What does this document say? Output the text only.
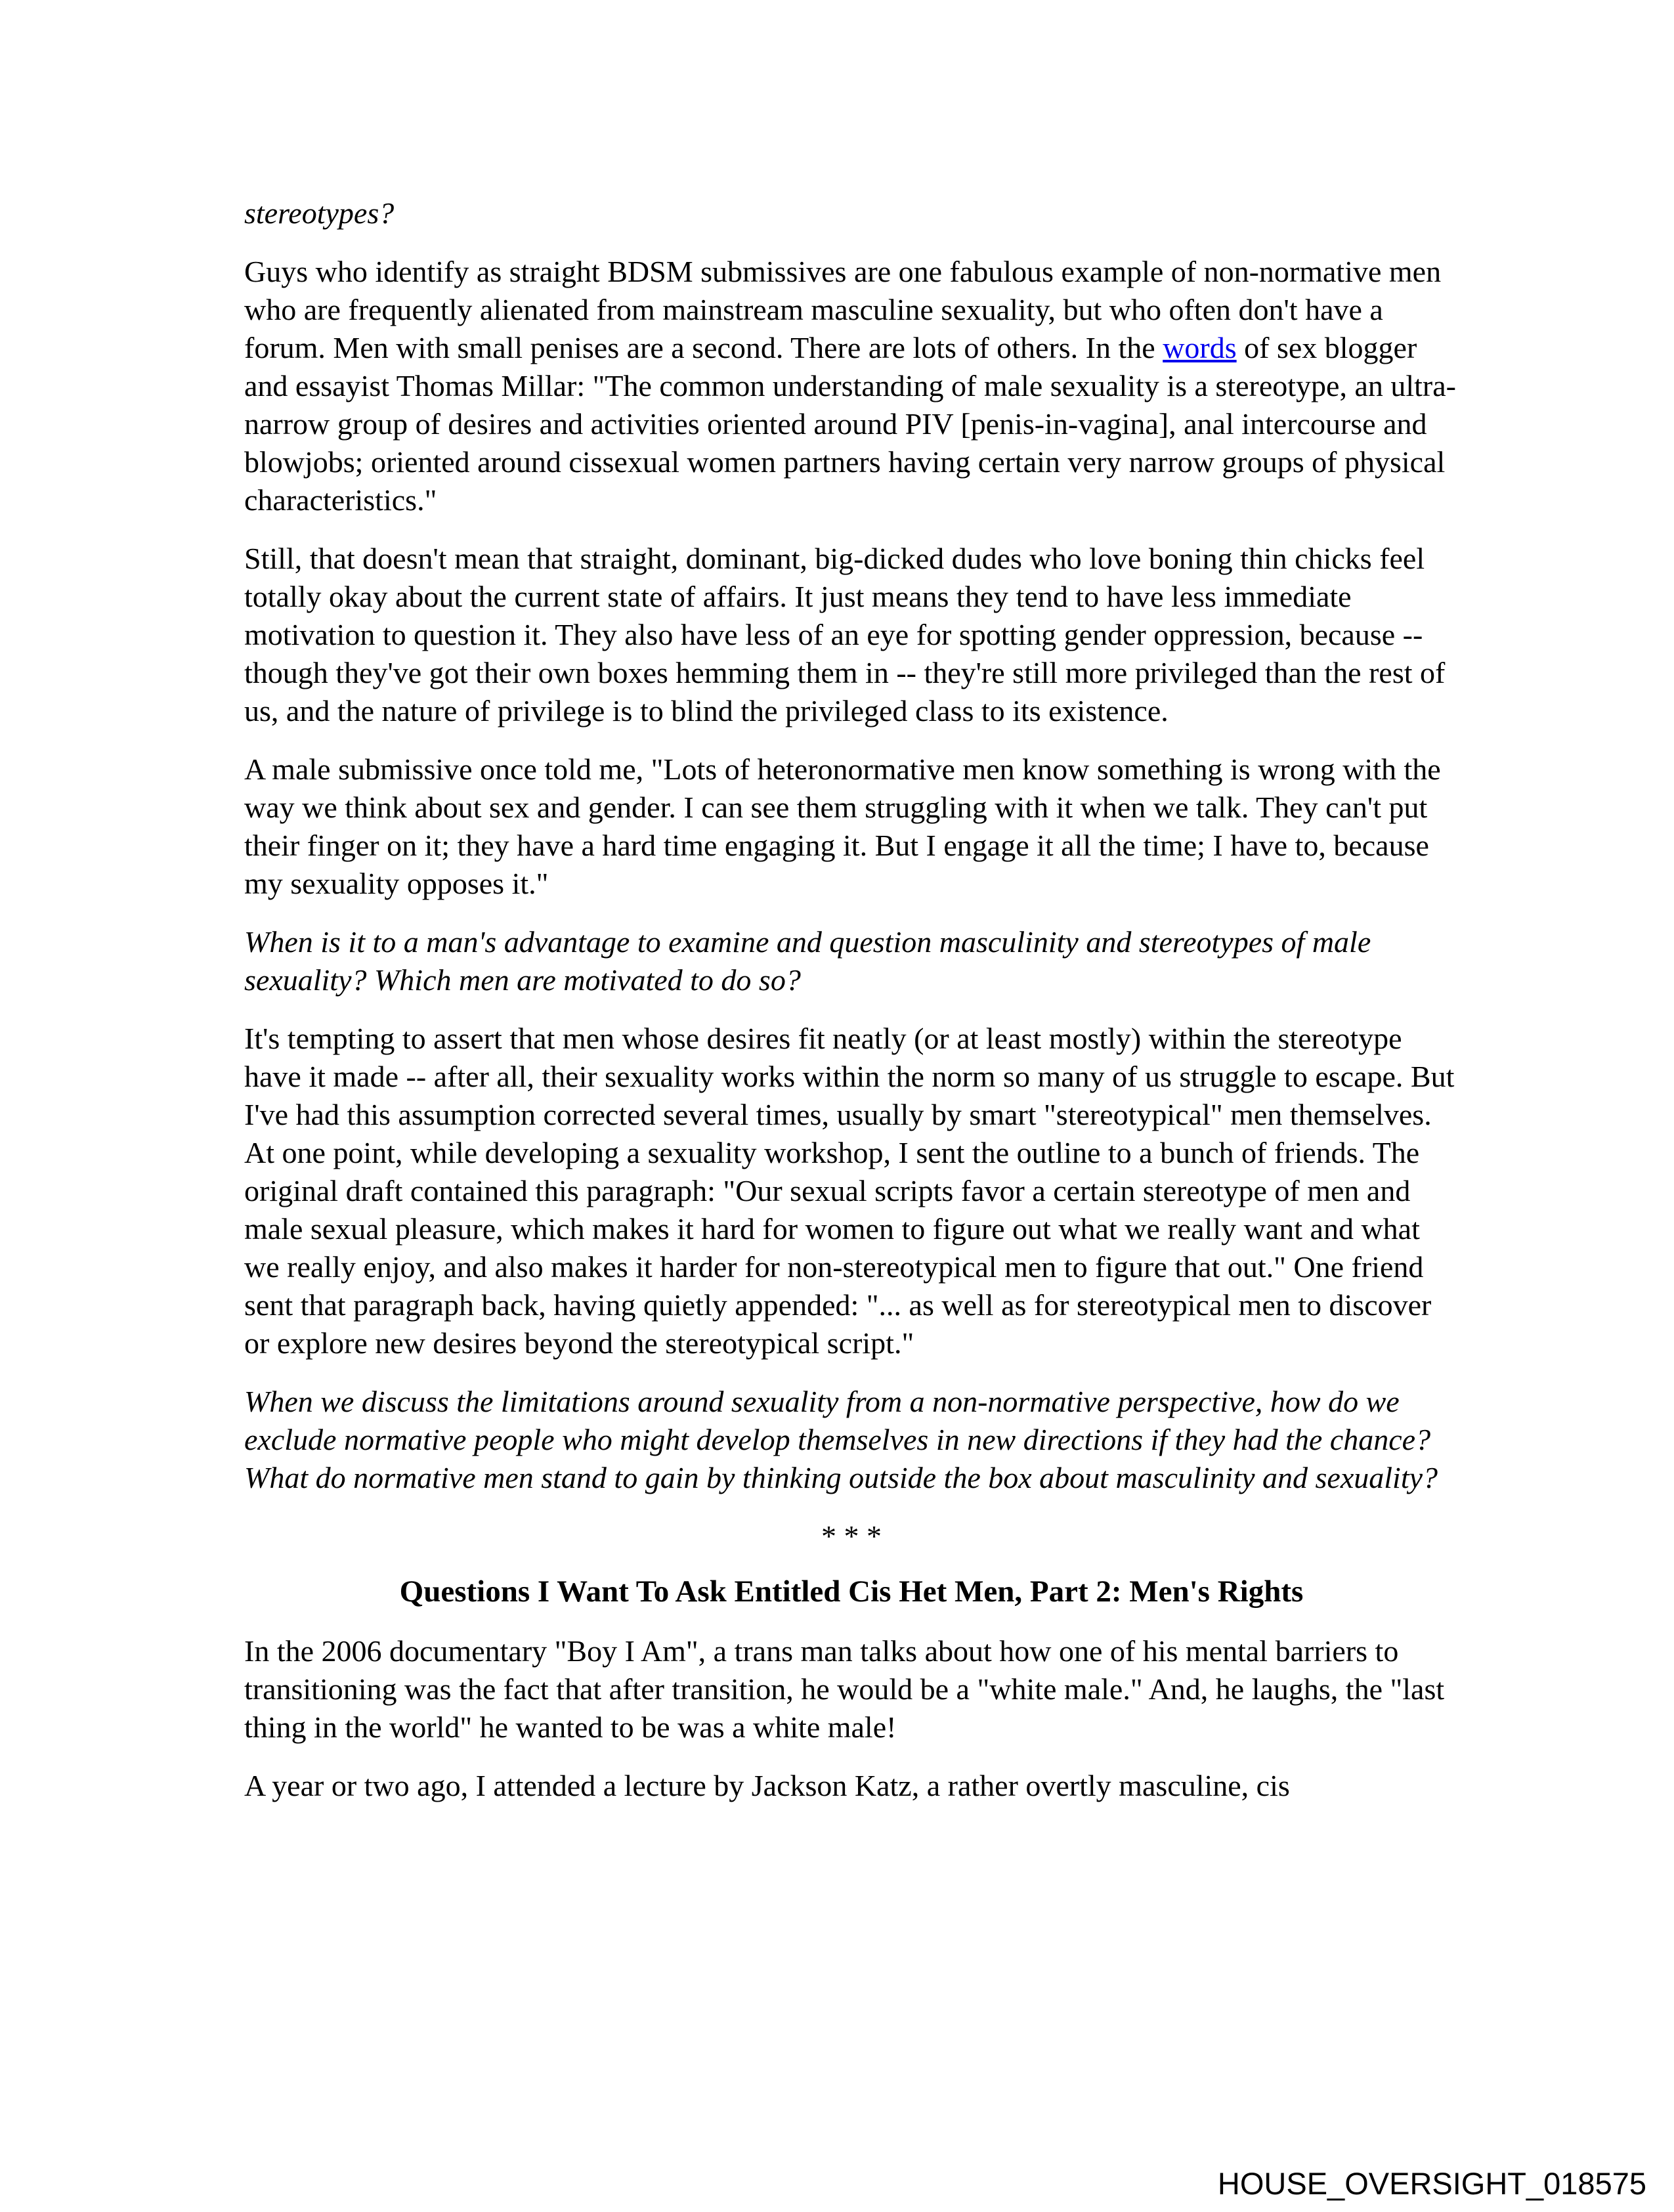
stereotypes?

Guys who identify as straight BDSM submissives are one fabulous example of non-normative men who are frequently alienated from mainstream masculine sexuality, but who often don't have a forum. Men with small penises are a second. There are lots of others. In the words of sex blogger and essayist Thomas Millar: "The common understanding of male sexuality is a stereotype, an ultra-narrow group of desires and activities oriented around PIV [penis-in-vagina], anal intercourse and blowjobs; oriented around cissexual women partners having certain very narrow groups of physical characteristics."

Still, that doesn't mean that straight, dominant, big-dicked dudes who love boning thin chicks feel totally okay about the current state of affairs. It just means they tend to have less immediate motivation to question it. They also have less of an eye for spotting gender oppression, because -- though they've got their own boxes hemming them in -- they're still more privileged than the rest of us, and the nature of privilege is to blind the privileged class to its existence.

A male submissive once told me, "Lots of heteronormative men know something is wrong with the way we think about sex and gender. I can see them struggling with it when we talk. They can't put their finger on it; they have a hard time engaging it. But I engage it all the time; I have to, because my sexuality opposes it."

When is it to a man's advantage to examine and question masculinity and stereotypes of male sexuality? Which men are motivated to do so?

It's tempting to assert that men whose desires fit neatly (or at least mostly) within the stereotype have it made -- after all, their sexuality works within the norm so many of us struggle to escape. But I've had this assumption corrected several times, usually by smart "stereotypical" men themselves. At one point, while developing a sexuality workshop, I sent the outline to a bunch of friends. The original draft contained this paragraph: "Our sexual scripts favor a certain stereotype of men and male sexual pleasure, which makes it hard for women to figure out what we really want and what we really enjoy, and also makes it harder for non-stereotypical men to figure that out." One friend sent that paragraph back, having quietly appended: "... as well as for stereotypical men to discover or explore new desires beyond the stereotypical script."

When we discuss the limitations around sexuality from a non-normative perspective, how do we exclude normative people who might develop themselves in new directions if they had the chance? What do normative men stand to gain by thinking outside the box about masculinity and sexuality?

* * *

Questions I Want To Ask Entitled Cis Het Men, Part 2: Men's Rights

In the 2006 documentary "Boy I Am", a trans man talks about how one of his mental barriers to transitioning was the fact that after transition, he would be a "white male." And, he laughs, the "last thing in the world" he wanted to be was a white male!

A year or two ago, I attended a lecture by Jackson Katz, a rather overtly masculine, cis

HOUSE_OVERSIGHT_018575
